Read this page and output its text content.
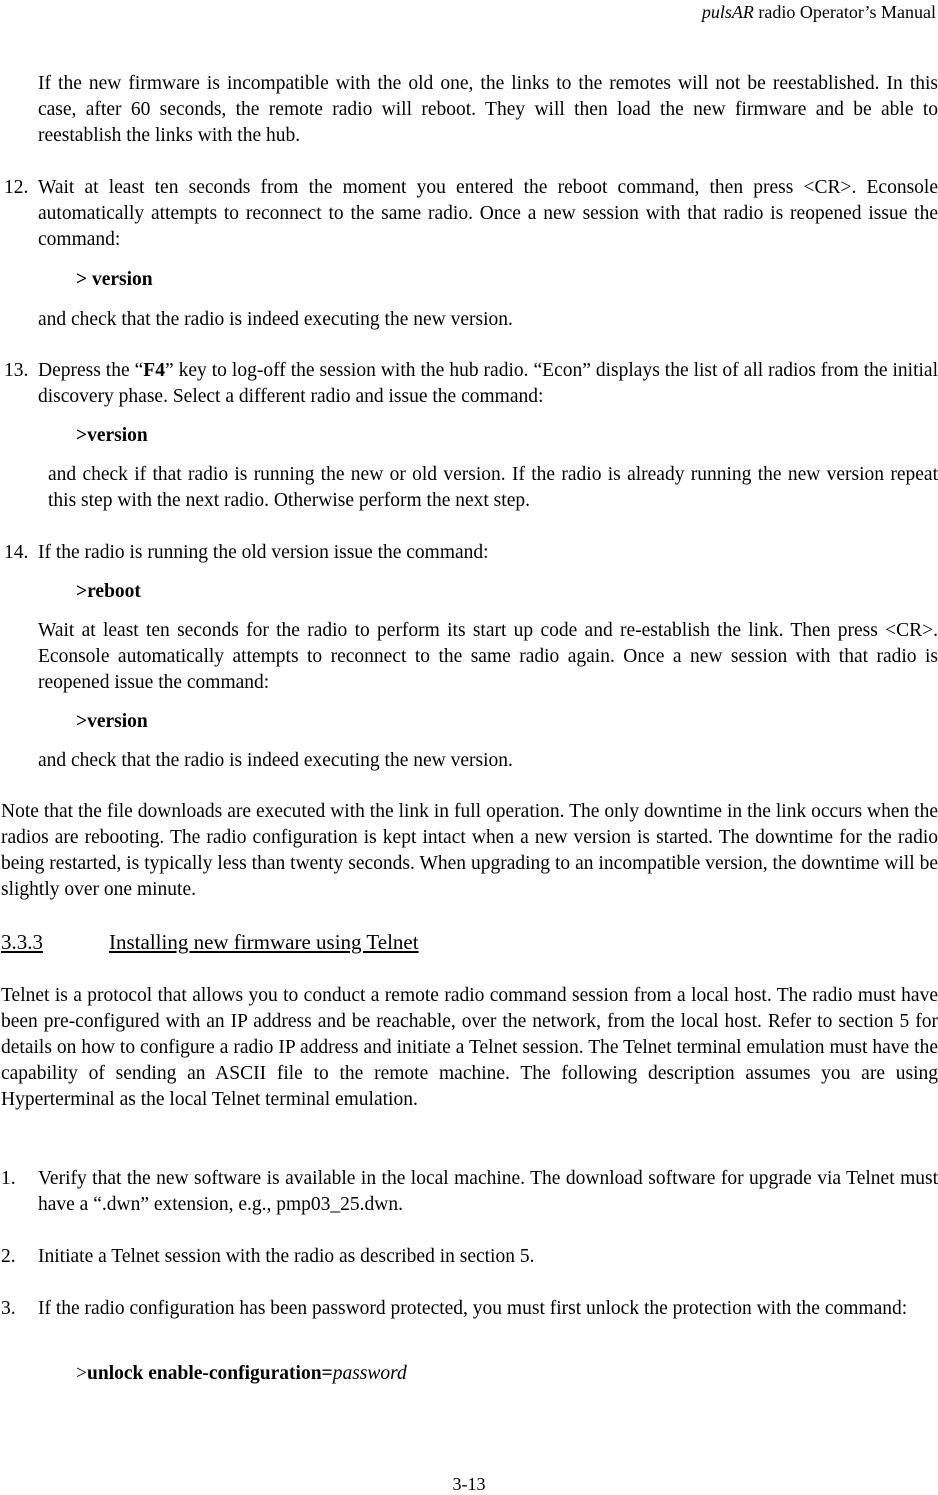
pulsAR radio Operator’s Manual

If the new firmware is incompatible with the old one, the links to the remotes will not be reestablished. In this case, after 60 seconds, the remote radio will reboot. They will then load the new firmware and be able to reestablish the links with the hub.

12. Wait at least ten seconds from the moment you entered the reboot command, then press <CR>. Econsole automatically attempts to reconnect to the same radio. Once a new session with that radio is reopened issue the command:

> version

and check that the radio is indeed executing the new version.

13. Depress the “F4” key to log-off the session with the hub radio. “Econ” displays the list of all radios from the initial discovery phase. Select a different radio and issue the command:

>version

and check if that radio is running the new or old version. If the radio is already running the new version repeat this step with the next radio. Otherwise perform the next step.

14. If the radio is running the old version issue the command:

>reboot

Wait at least ten seconds for the radio to perform its start up code and re-establish the link. Then press <CR>. Econsole automatically attempts to reconnect to the same radio again. Once a new session with that radio is reopened issue the command:

>version

and check that the radio is indeed executing the new version.

Note that the file downloads are executed with the link in full operation. The only downtime in the link occurs when the radios are rebooting. The radio configuration is kept intact when a new version is started. The downtime for the radio being restarted, is typically less than twenty seconds. When upgrading to an incompatible version, the downtime will be slightly over one minute.

3.3.3	Installing new firmware using Telnet

Telnet is a protocol that allows you to conduct a remote radio command session from a local host. The radio must have been pre-configured with an IP address and be reachable, over the network, from the local host. Refer to section 5 for details on how to configure a radio IP address and initiate a Telnet session. The Telnet terminal emulation must have the capability of sending an ASCII file to the remote machine. The following description assumes you are using Hyperterminal as the local Telnet terminal emulation.

1. Verify that the new software is available in the local machine. The download software for upgrade via Telnet must have a “.dwn” extension, e.g., pmp03_25.dwn.

2. Initiate a Telnet session with the radio as described in section 5.

3. If the radio configuration has been password protected, you must first unlock the protection with the command:

>unlock enable-configuration=password
3-13
